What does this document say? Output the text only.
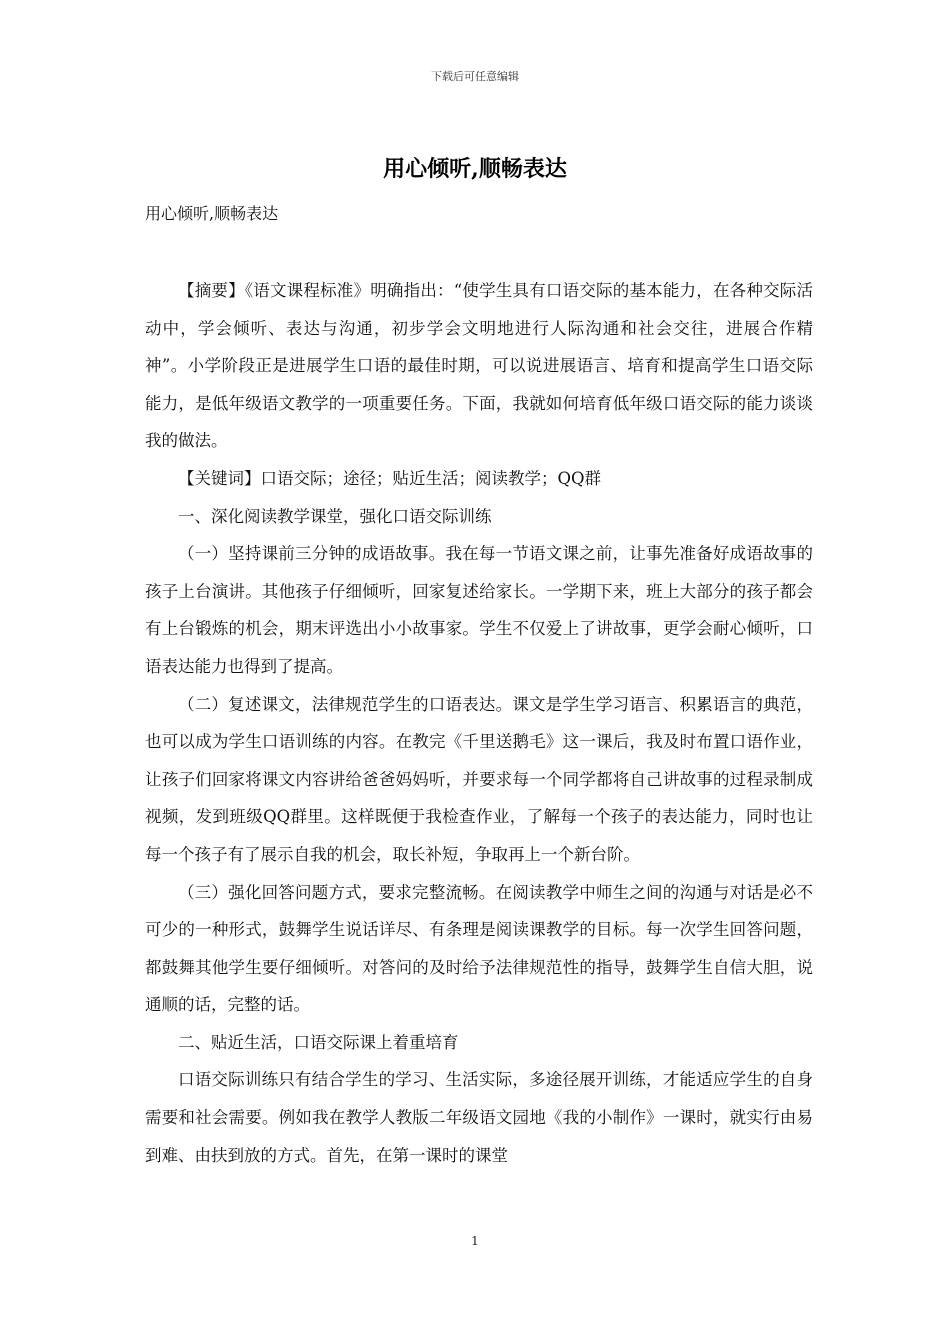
下载后可任意编辑
用心倾听,顺畅表达

用心倾听,顺畅表达

【摘要】《语文课程标准》明确指出：“使学生具有口语交际的基本能力，在各种交际活动中，学会倾听、表达与沟通，初步学会文明地进行人际沟通和社会交往，进展合作精神”。小学阶段正是进展学生口语的最佳时期，可以说进展语言、培育和提高学生口语交际能力，是低年级语文教学的一项重要任务。下面，我就如何培育低年级口语交际的能力谈谈我的做法。

【关键词】口语交际；途径；贴近生活；阅读教学；QQ群

一、深化阅读教学课堂，强化口语交际训练

（一）坚持课前三分钟的成语故事。我在每一节语文课之前，让事先准备好成语故事的孩子上台演讲。其他孩子仔细倾听，回家复述给家长。一学期下来，班上大部分的孩子都会有上台锻炼的机会，期末评选出小小故事家。学生不仅爱上了讲故事，更学会耐心倾听，口语表达能力也得到了提高。

（二）复述课文，法律规范学生的口语表达。课文是学生学习语言、积累语言的典范，也可以成为学生口语训练的内容。在教完《千里送鹅毛》这一课后，我及时布置口语作业，让孩子们回家将课文内容讲给爸爸妈妈听，并要求每一个同学都将自己讲故事的过程录制成视频，发到班级QQ群里。这样既便于我检查作业，了解每一个孩子的表达能力，同时也让每一个孩子有了展示自我的机会，取长补短，争取再上一个新台阶。

（三）强化回答问题方式，要求完整流畅。在阅读教学中师生之间的沟通与对话是必不可少的一种形式，鼓舞学生说话详尽、有条理是阅读课教学的目标。每一次学生回答问题，都鼓舞其他学生要仔细倾听。对答问的及时给予法律规范性的指导，鼓舞学生自信大胆，说通顺的话，完整的话。

二、贴近生活，口语交际课上着重培育

口语交际训练只有结合学生的学习、生活实际，多途径展开训练，才能适应学生的自身需要和社会需要。例如我在教学人教版二年级语文园地《我的小制作》一课时，就实行由易到难、由扶到放的方式。首先，在第一课时的课堂

1
